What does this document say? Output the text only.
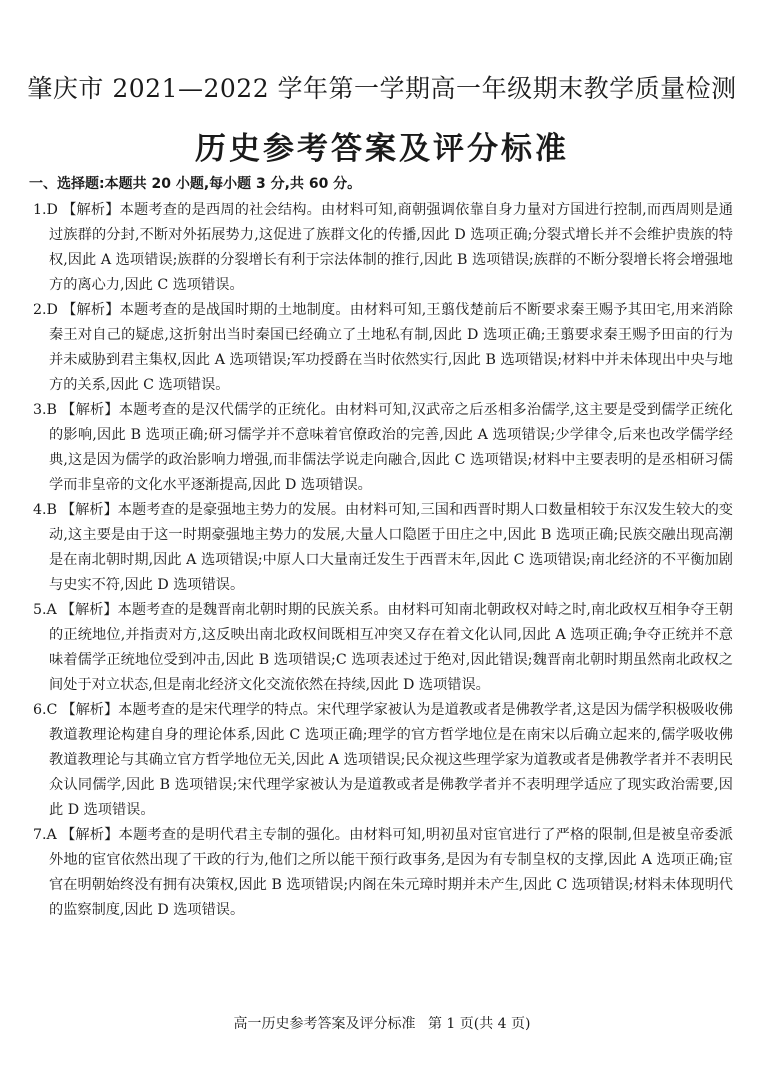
肇庆市 2021—2022 学年第一学期高一年级期末教学质量检测
历史参考答案及评分标准
一、选择题:本题共 20 小题,每小题 3 分,共 60 分。
1.D 【解析】本题考查的是西周的社会结构。由材料可知,商朝强调依靠自身力量对方国进行控制,而西周则是通过族群的分封,不断对外拓展势力,这促进了族群文化的传播,因此 D 选项正确;分裂式增长并不会维护贵族的特权,因此 A 选项错误;族群的分裂增长有利于宗法体制的推行,因此 B 选项错误;族群的不断分裂增长将会增强地方的离心力,因此 C 选项错误。
2.D 【解析】本题考查的是战国时期的土地制度。由材料可知,王翦伐楚前后不断要求秦王赐予其田宅,用来消除秦王对自己的疑虑,这折射出当时秦国已经确立了土地私有制,因此 D 选项正确;王翦要求秦王赐予田亩的行为并未威胁到君主集权,因此 A 选项错误;军功授爵在当时依然实行,因此 B 选项错误;材料中并未体现出中央与地方的关系,因此 C 选项错误。
3.B 【解析】本题考查的是汉代儒学的正统化。由材料可知,汉武帝之后丞相多治儒学,这主要是受到儒学正统化的影响,因此 B 选项正确;研习儒学并不意味着官僚政治的完善,因此 A 选项错误;少学律令,后来也改学儒学经典,这是因为儒学的政治影响力增强,而非儒法学说走向融合,因此 C 选项错误;材料中主要表明的是丞相研习儒学而非皇帝的文化水平逐渐提高,因此 D 选项错误。
4.B 【解析】本题考查的是豪强地主势力的发展。由材料可知,三国和西晋时期人口数量相较于东汉发生较大的变动,这主要是由于这一时期豪强地主势力的发展,大量人口隐匿于田庄之中,因此 B 选项正确;民族交融出现高潮是在南北朝时期,因此 A 选项错误;中原人口大量南迁发生于西晋末年,因此 C 选项错误;南北经济的不平衡加剧与史实不符,因此 D 选项错误。
5.A 【解析】本题考查的是魏晋南北朝时期的民族关系。由材料可知南北朝政权对峙之时,南北政权互相争夺王朝的正统地位,并指责对方,这反映出南北政权间既相互冲突又存在着文化认同,因此 A 选项正确;争夺正统并不意味着儒学正统地位受到冲击,因此 B 选项错误;C 选项表述过于绝对,因此错误;魏晋南北朝时期虽然南北政权之间处于对立状态,但是南北经济文化交流依然在持续,因此 D 选项错误。
6.C 【解析】本题考查的是宋代理学的特点。宋代理学家被认为是道教或者是佛教学者,这是因为儒学积极吸收佛教道教理论构建自身的理论体系,因此 C 选项正确;理学的官方哲学地位是在南宋以后确立起来的,儒学吸收佛教道教理论与其确立官方哲学地位无关,因此 A 选项错误;民众视这些理学家为道教或者是佛教学者并不表明民众认同儒学,因此 B 选项错误;宋代理学家被认为是道教或者是佛教学者并不表明理学适应了现实政治需要,因此 D 选项错误。
7.A 【解析】本题考查的是明代君主专制的强化。由材料可知,明初虽对宦官进行了严格的限制,但是被皇帝委派外地的宦官依然出现了干政的行为,他们之所以能干预行政事务,是因为有专制皇权的支撑,因此 A 选项正确;宦官在明朝始终没有拥有决策权,因此 B 选项错误;内阁在朱元璋时期并未产生,因此 C 选项错误;材料未体现明代的监察制度,因此 D 选项错误。
高一历史参考答案及评分标准 第 1 页(共 4 页)
